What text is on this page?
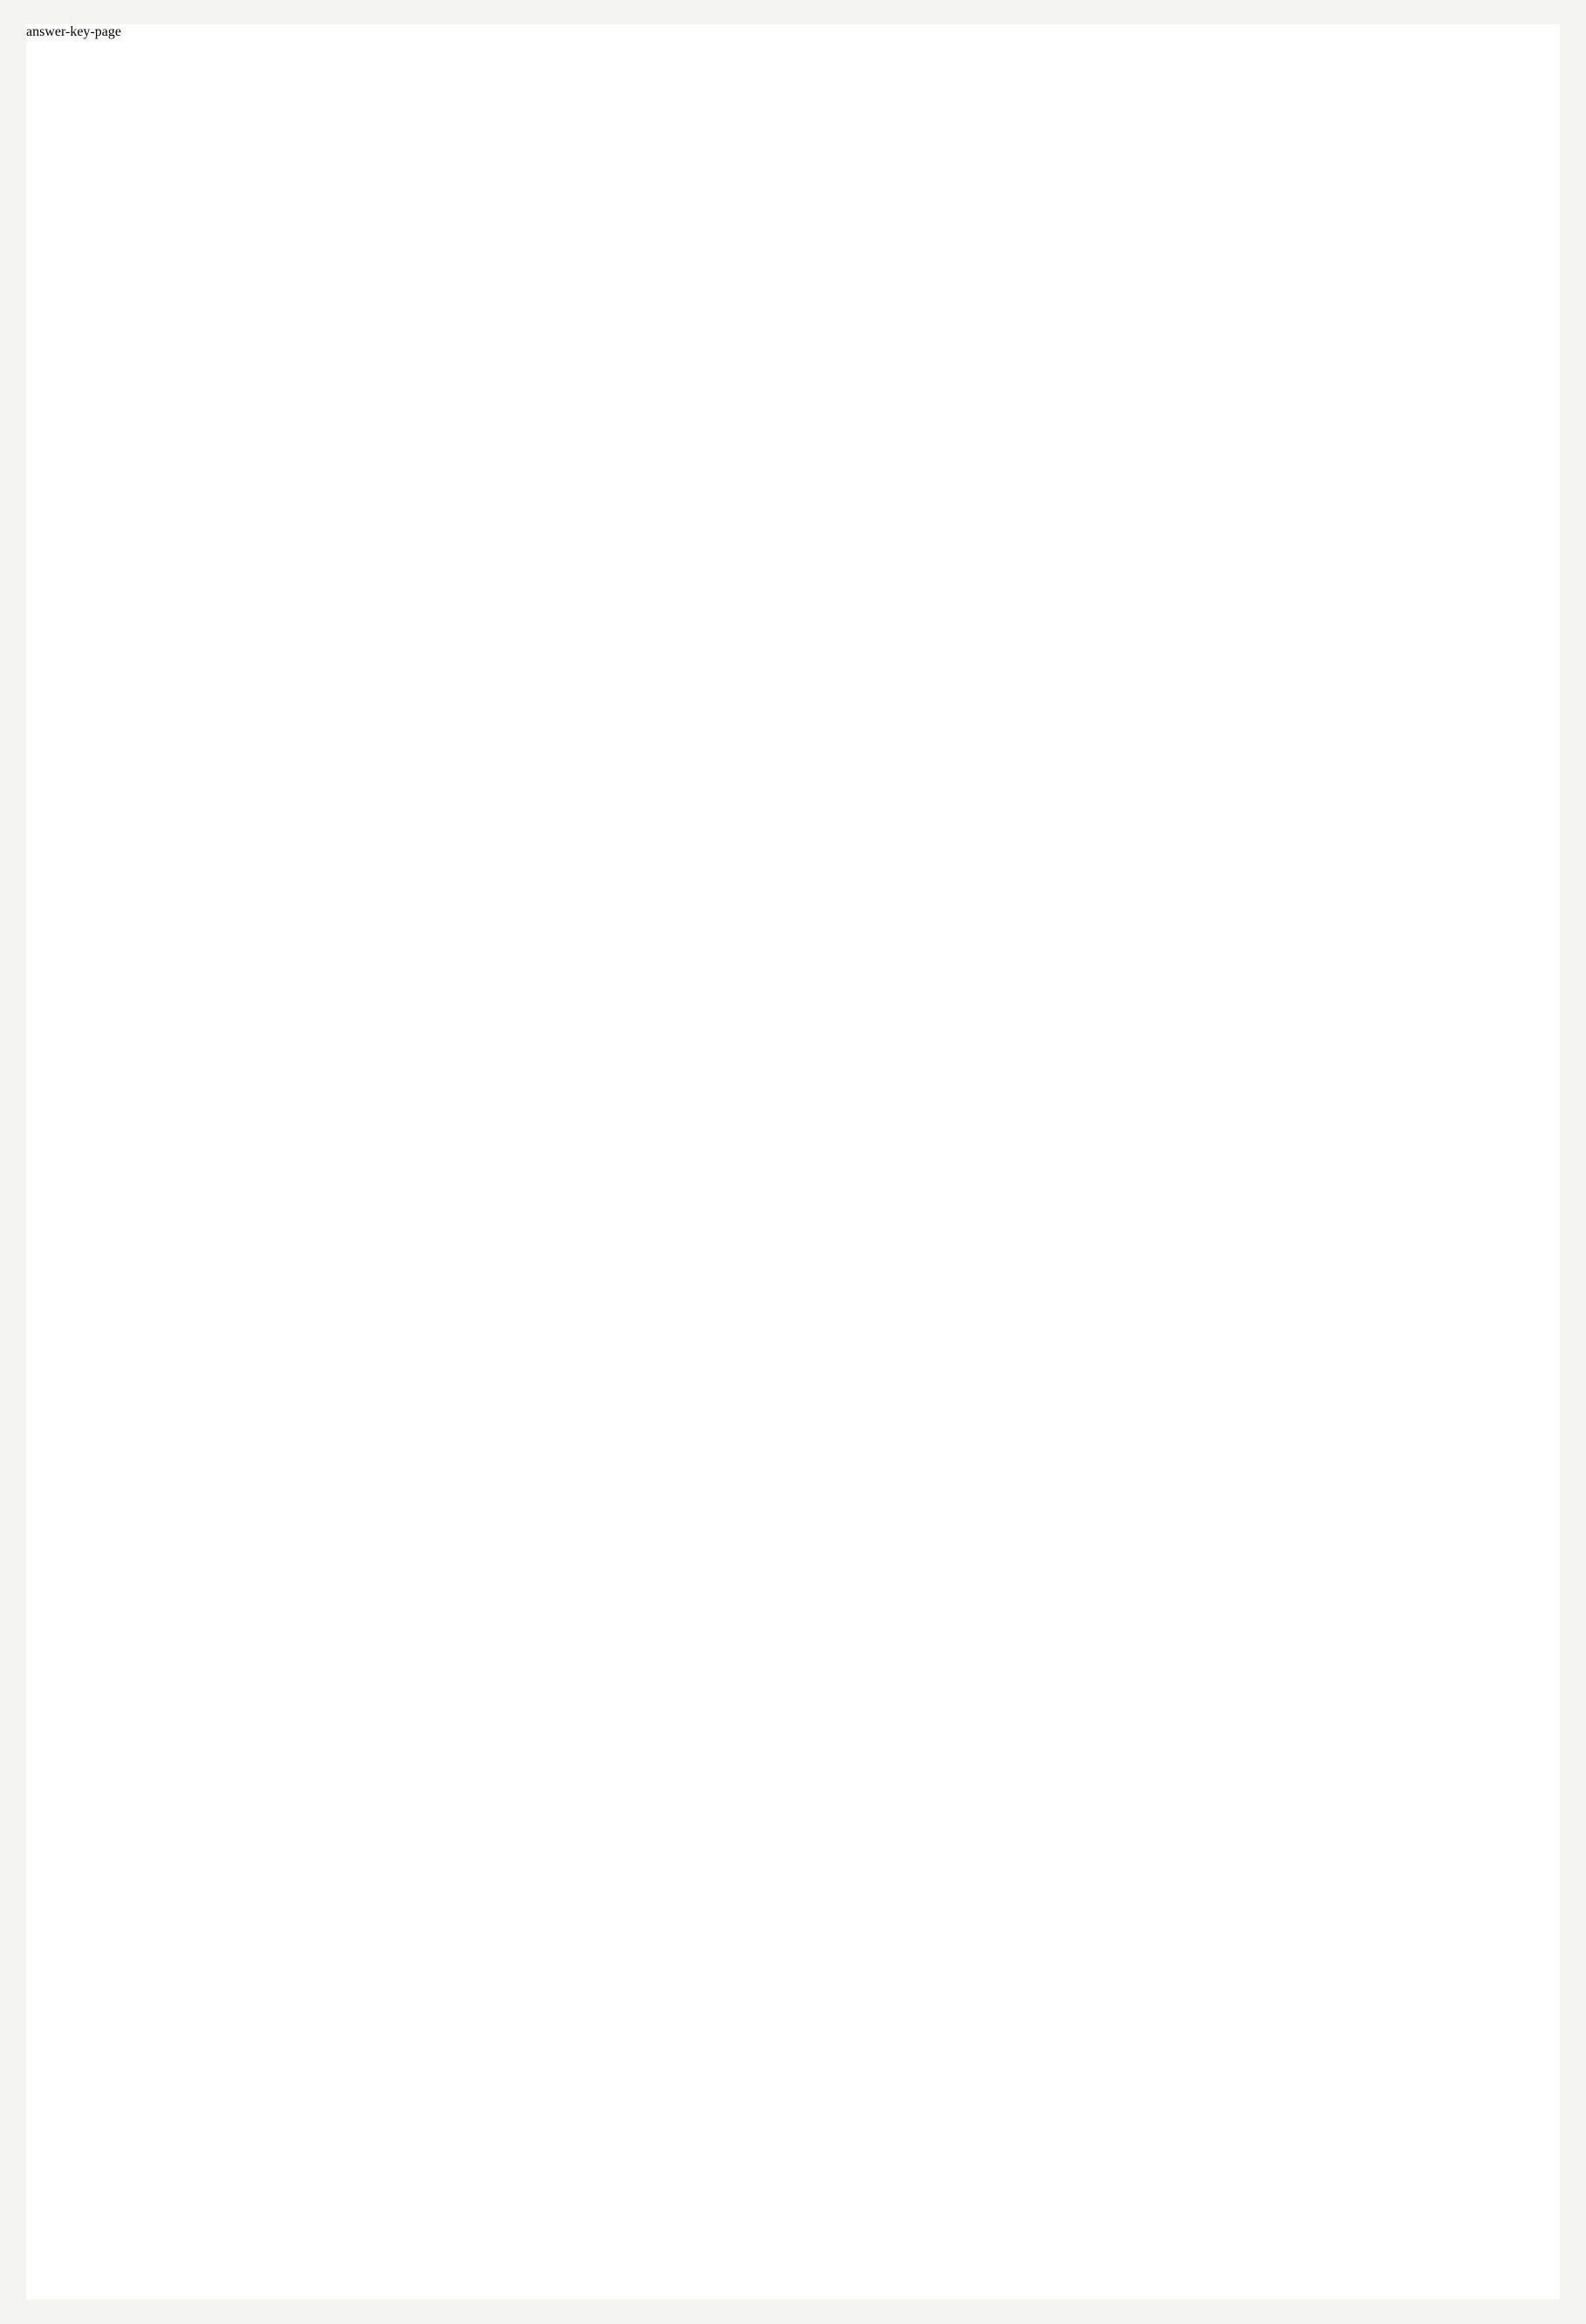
answer-key-page
